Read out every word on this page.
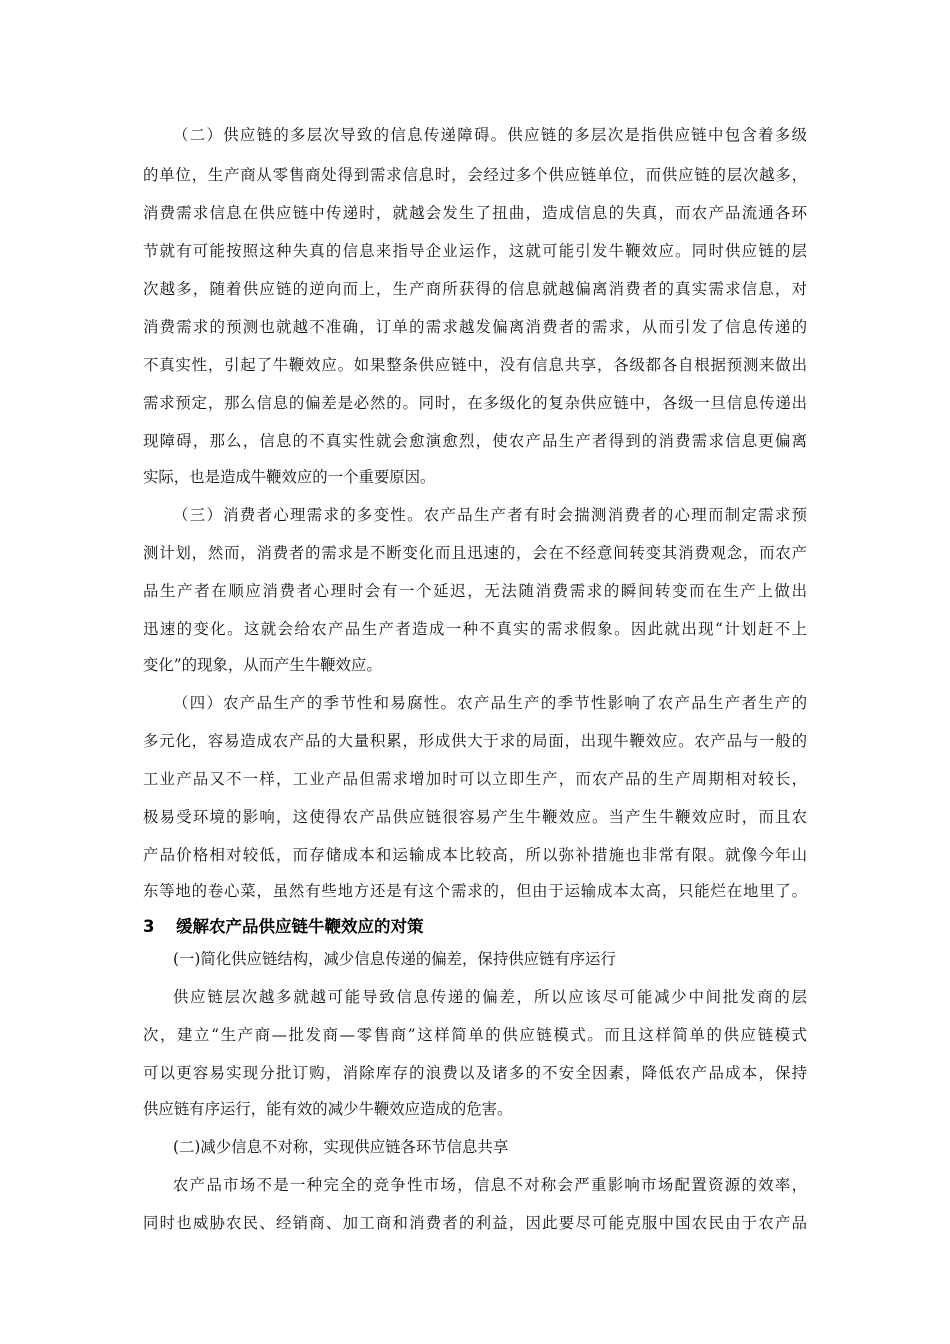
（二）供应链的多层次导致的信息传递障碍。供应链的多层次是指供应链中包含着多级
的单位，生产商从零售商处得到需求信息时，会经过多个供应链单位，而供应链的层次越多，
消费需求信息在供应链中传递时，就越会发生了扭曲，造成信息的失真，而农产品流通各环
节就有可能按照这种失真的信息来指导企业运作，这就可能引发牛鞭效应。同时供应链的层
次越多，随着供应链的逆向而上，生产商所获得的信息就越偏离消费者的真实需求信息，对
消费需求的预测也就越不准确，订单的需求越发偏离消费者的需求，从而引发了信息传递的
不真实性，引起了牛鞭效应。如果整条供应链中，没有信息共享，各级都各自根据预测来做出
需求预定，那么信息的偏差是必然的。同时，在多级化的复杂供应链中，各级一旦信息传递出
现障碍，那么，信息的不真实性就会愈演愈烈，使农产品生产者得到的消费需求信息更偏离
实际，也是造成牛鞭效应的一个重要原因。
（三）消费者心理需求的多变性。农产品生产者有时会揣测消费者的心理而制定需求预
测计划，然而，消费者的需求是不断变化而且迅速的，会在不经意间转变其消费观念，而农产
品生产者在顺应消费者心理时会有一个延迟，无法随消费需求的瞬间转变而在生产上做出
迅速的变化。这就会给农产品生产者造成一种不真实的需求假象。因此就出现“计划赶不上
变化”的现象，从而产生牛鞭效应。
（四）农产品生产的季节性和易腐性。农产品生产的季节性影响了农产品生产者生产的
多元化，容易造成农产品的大量积累，形成供大于求的局面，出现牛鞭效应。农产品与一般的
工业产品又不一样，工业产品但需求增加时可以立即生产，而农产品的生产周期相对较长，
极易受环境的影响，这使得农产品供应链很容易产生牛鞭效应。当产生牛鞭效应时，而且农
产品价格相对较低，而存储成本和运输成本比较高，所以弥补措施也非常有限。就像今年山
东等地的卷心菜，虽然有些地方还是有这个需求的，但由于运输成本太高，只能烂在地里了。
3 缓解农产品供应链牛鞭效应的对策
(一)简化供应链结构，减少信息传递的偏差，保持供应链有序运行
供应链层次越多就越可能导致信息传递的偏差，所以应该尽可能减少中间批发商的层
次，建立“生产商—批发商—零售商”这样简单的供应链模式。而且这样简单的供应链模式
可以更容易实现分批订购，消除库存的浪费以及诸多的不安全因素，降低农产品成本，保持
供应链有序运行，能有效的减少牛鞭效应造成的危害。
(二)减少信息不对称，实现供应链各环节信息共享
农产品市场不是一种完全的竞争性市场，信息不对称会严重影响市场配置资源的效率，
同时也威胁农民、经销商、加工商和消费者的利益，因此要尽可能克服中国农民由于农产品
